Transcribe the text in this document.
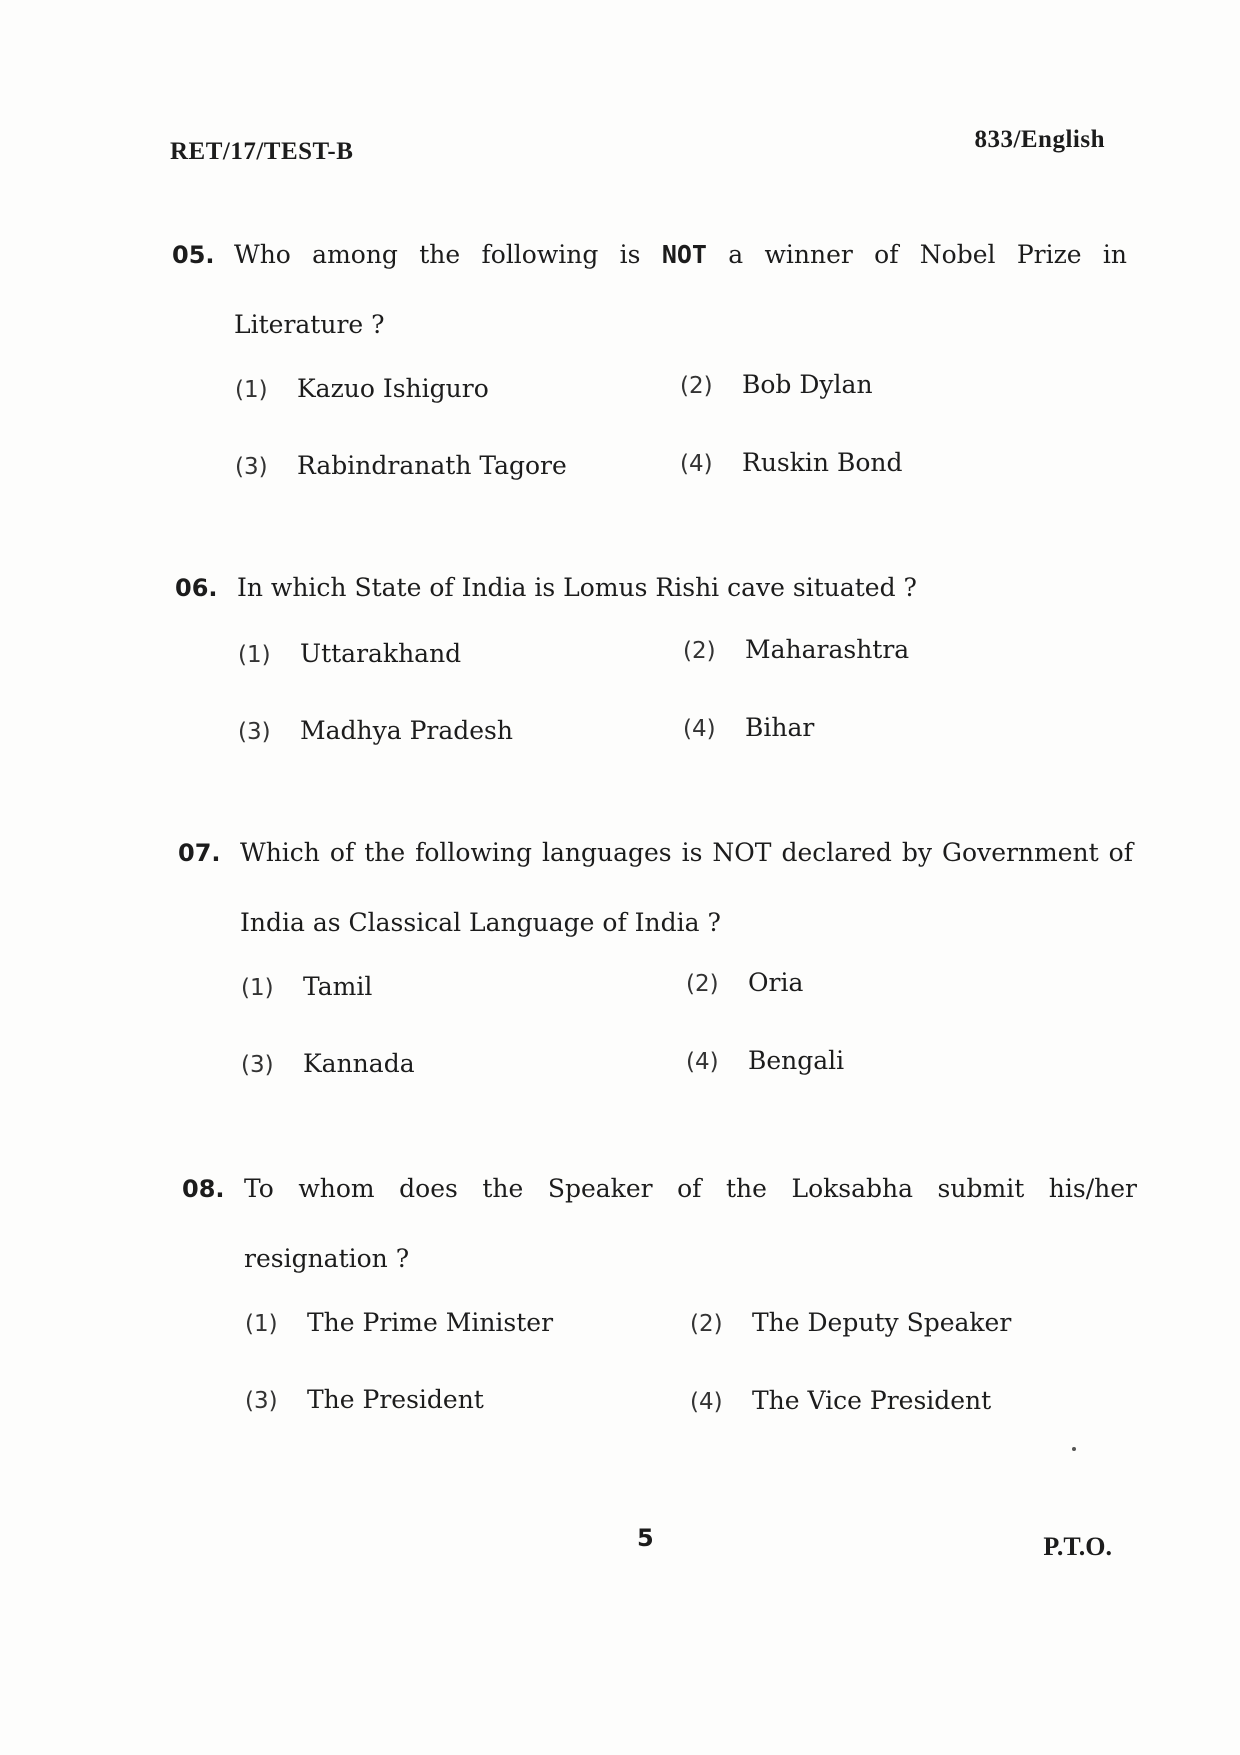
RET/17/TEST-B	833/English
05. Who among the following is NOT a winner of Nobel Prize in
Literature ?
(1) Kazuo Ishiguro	(2) Bob Dylan
(3) Rabindranath Tagore	(4) Ruskin Bond
06. In which State of India is Lomus Rishi cave situated ?
(1) Uttarakhand	(2) Maharashtra
(3) Madhya Pradesh	(4) Bihar
07. Which of the following languages is NOT declared by Government of
India as Classical Language of India ?
(1) Tamil	(2) Oria
(3) Kannada	(4) Bengali
08. To whom does the Speaker of the Loksabha submit his/her
resignation ?
(1) The Prime Minister	(2) The Deputy Speaker
(3) The President	(4) The Vice President
5	P.T.O.
